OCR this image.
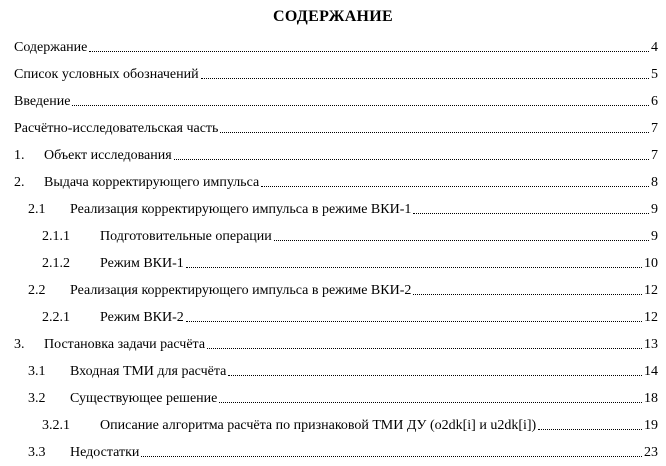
СОДЕРЖАНИЕ
Содержание	4
Список условных обозначений	5
Введение	6
Расчётно-исследовательская часть	7
1.	Объект исследования	7
2.	Выдача корректирующего импульса	8
2.1	Реализация корректирующего импульса в режиме ВКИ-1	9
2.1.1	Подготовительные операции	9
2.1.2	Режим ВКИ-1	10
2.2	Реализация корректирующего импульса в режиме ВКИ-2	12
2.2.1	Режим ВКИ-2	12
3.	Постановка задачи расчёта	13
3.1	Входная ТМИ для расчёта	14
3.2	Существующее решение	18
3.2.1	Описание алгоритма расчёта по признаковой ТМИ ДУ (o2dk[i] и u2dk[i])	19
3.3	Недостатки	23
